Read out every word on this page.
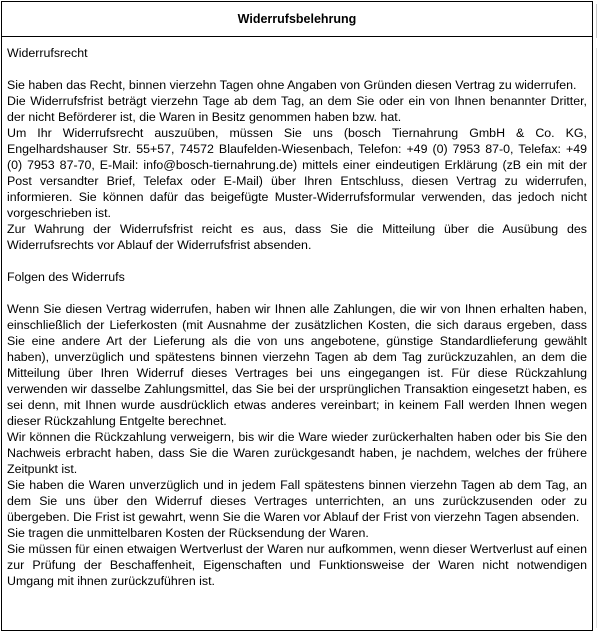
Widerrufsbelehrung

Widerrufsrecht

Sie haben das Recht, binnen vierzehn Tagen ohne Angaben von Gründen diesen Vertrag zu widerrufen.

Die Widerrufsfrist beträgt vierzehn Tage ab dem Tag, an dem Sie oder ein von Ihnen benannter Dritter, der nicht Beförderer ist, die Waren in Besitz genommen haben bzw. hat.

Um Ihr Widerrufsrecht auszuüben, müssen Sie uns (bosch Tiernahrung GmbH & Co. KG, Engelhardshauser Str. 55+57, 74572 Blaufelden-Wiesenbach, Telefon: +49 (0) 7953 87-0, Telefax: +49 (0) 7953 87-70, E-Mail: info@bosch-tiernahrung.de) mittels einer eindeutigen Erklärung (zB ein mit der Post versandter Brief, Telefax oder E-Mail) über Ihren Entschluss, diesen Vertrag zu widerrufen, informieren. Sie können dafür das beigefügte Muster-Widerrufsformular verwenden, das jedoch nicht vorgeschrieben ist.

Zur Wahrung der Widerrufsfrist reicht es aus, dass Sie die Mitteilung über die Ausübung des Widerrufsrechts vor Ablauf der Widerrufsfrist absenden.

Folgen des Widerrufs

Wenn Sie diesen Vertrag widerrufen, haben wir Ihnen alle Zahlungen, die wir von Ihnen erhalten haben, einschließlich der Lieferkosten (mit Ausnahme der zusätzlichen Kosten, die sich daraus ergeben, dass Sie eine andere Art der Lieferung als die von uns angebotene, günstige Standardlieferung gewählt haben), unverzüglich und spätestens binnen vierzehn Tagen ab dem Tag zurückzuzahlen, an dem die Mitteilung über Ihren Widerruf dieses Vertrages bei uns eingegangen ist. Für diese Rückzahlung verwenden wir dasselbe Zahlungsmittel, das Sie bei der ursprünglichen Transaktion eingesetzt haben, es sei denn, mit Ihnen wurde ausdrücklich etwas anderes vereinbart; in keinem Fall werden Ihnen wegen dieser Rückzahlung Entgelte berechnet.

Wir können die Rückzahlung verweigern, bis wir die Ware wieder zurückerhalten haben oder bis Sie den Nachweis erbracht haben, dass Sie die Waren zurückgesandt haben, je nachdem, welches der frühere Zeitpunkt ist.

Sie haben die Waren unverzüglich und in jedem Fall spätestens binnen vierzehn Tagen ab dem Tag, an dem Sie uns über den Widerruf dieses Vertrages unterrichten, an uns zurückzusenden oder zu übergeben. Die Frist ist gewahrt, wenn Sie die Waren vor Ablauf der Frist von vierzehn Tagen absenden.

Sie tragen die unmittelbaren Kosten der Rücksendung der Waren.

Sie müssen für einen etwaigen Wertverlust der Waren nur aufkommen, wenn dieser Wertverlust auf einen zur Prüfung der Beschaffenheit, Eigenschaften und Funktionsweise der Waren nicht notwendigen Umgang mit ihnen zurückzuführen ist.
